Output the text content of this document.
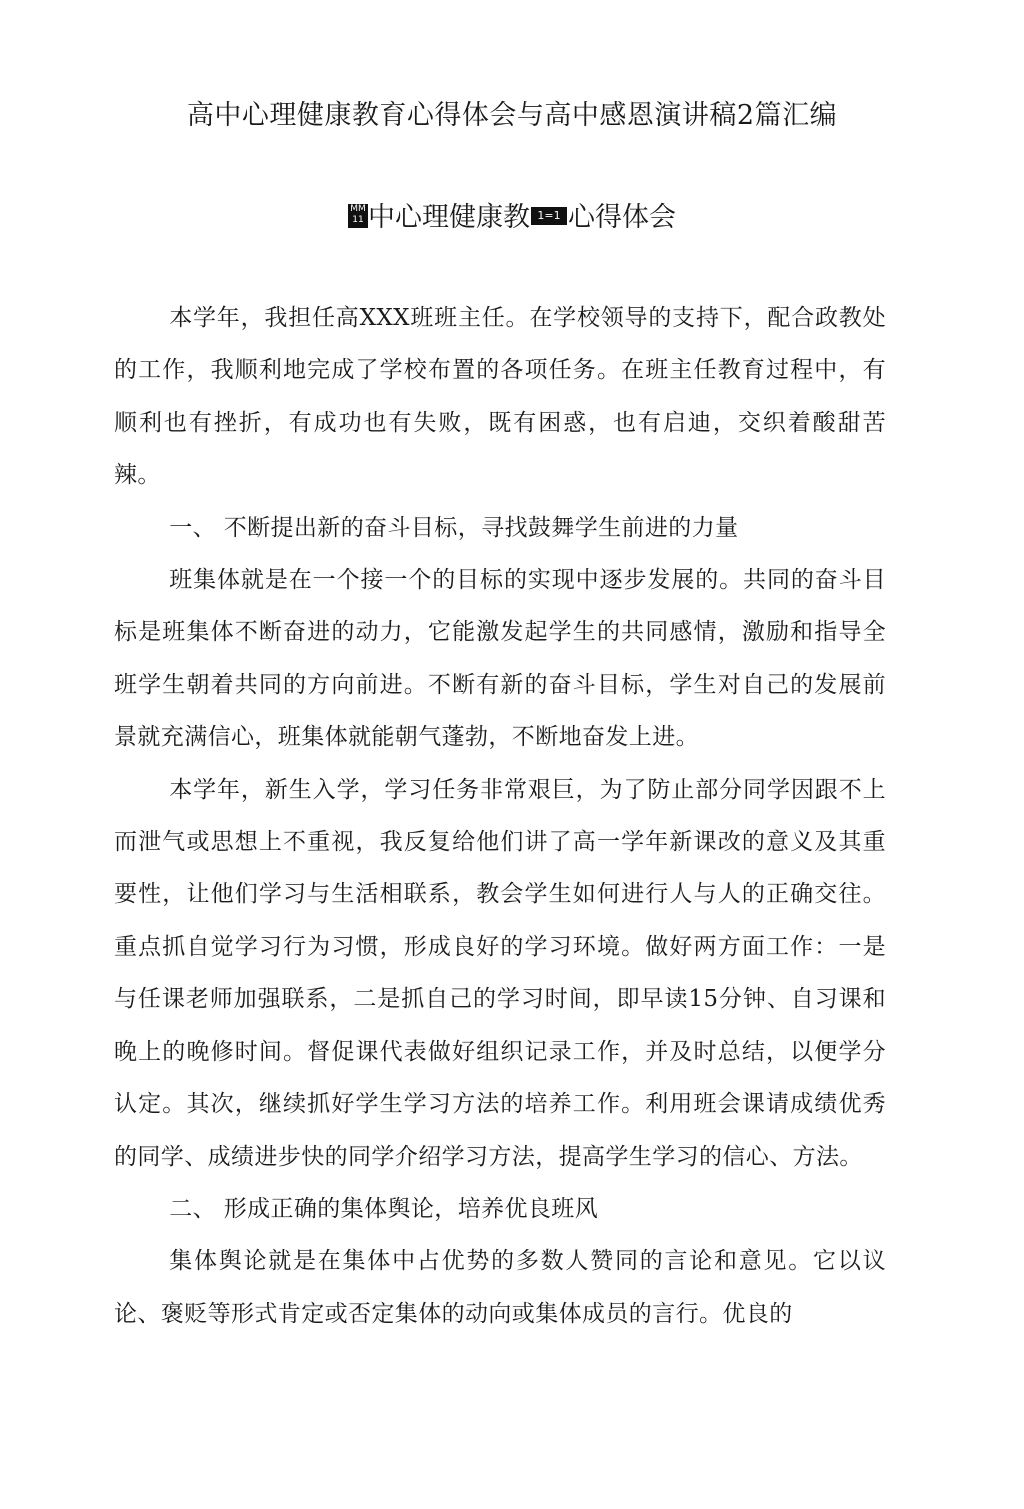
高中心理健康教育心得体会与高中感恩演讲稿2篇汇编
MM 11 中心理健康教 1=1 心得体会

本学年，我担任高XXX班班主任。在学校领导的支持下，配合政教处的工作，我顺利地完成了学校布置的各项任务。在班主任教育过程中，有顺利也有挫折，有成功也有失败，既有困惑，也有启迪，交织着酸甜苦辣。

一、 不断提出新的奋斗目标，寻找鼓舞学生前进的力量

班集体就是在一个接一个的目标的实现中逐步发展的。共同的奋斗目标是班集体不断奋进的动力，它能激发起学生的共同感情，激励和指导全班学生朝着共同的方向前进。不断有新的奋斗目标，学生对自己的发展前景就充满信心，班集体就能朝气蓬勃，不断地奋发上进。

本学年，新生入学，学习任务非常艰巨，为了防止部分同学因跟不上而泄气或思想上不重视，我反复给他们讲了高一学年新课改的意义及其重要性，让他们学习与生活相联系，教会学生如何进行人与人的正确交往。重点抓自觉学习行为习惯，形成良好的学习环境。做好两方面工作：一是与任课老师加强联系，二是抓自己的学习时间，即早读15分钟、自习课和晚上的晚修时间。督促课代表做好组织记录工作，并及时总结，以便学分认定。其次，继续抓好学生学习方法的培养工作。利用班会课请成绩优秀的同学、成绩进步快的同学介绍学习方法，提高学生学习的信心、方法。

二、 形成正确的集体舆论，培养优良班风

集体舆论就是在集体中占优势的多数人赞同的言论和意见。它以议论、褒贬等形式肯定或否定集体的动向或集体成员的言行。优良的
